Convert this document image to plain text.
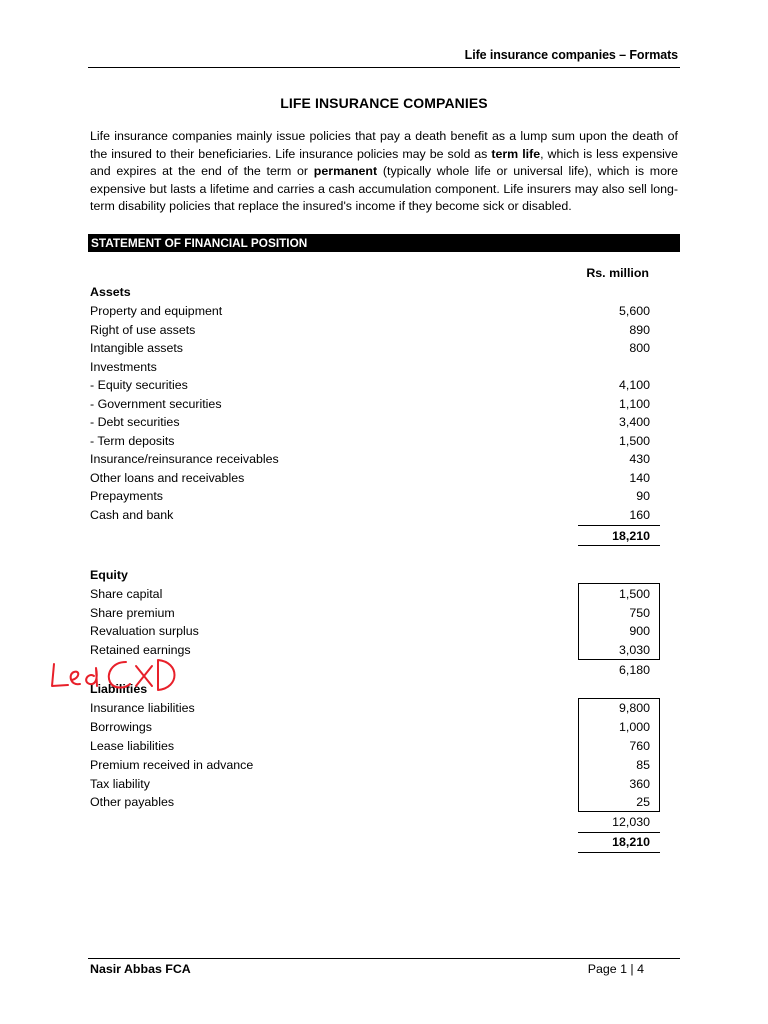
Life insurance companies – Formats
LIFE INSURANCE COMPANIES

Life insurance companies mainly issue policies that pay a death benefit as a lump sum upon the death of the insured to their beneficiaries. Life insurance policies may be sold as term life, which is less expensive and expires at the end of the term or permanent (typically whole life or universal life), which is more expensive but lasts a lifetime and carries a cash accumulation component. Life insurers may also sell long-term disability policies that replace the insured's income if they become sick or disabled.

STATEMENT OF FINANCIAL POSITION
Rs. million
Assets
Property and equipment	5,600
Right of use assets	890
Intangible assets	800
Investments
- Equity securities	4,100
- Government securities	1,100
- Debt securities	3,400
- Term deposits	1,500
Insurance/reinsurance receivables	430
Other loans and receivables	140
Prepayments	90
Cash and bank	160
18,210
Equity
Share capital	1,500
Share premium	750
Revaluation surplus	900
Retained earnings	3,030
6,180
Liabilities
Insurance liabilities	9,800
Borrowings	1,000
Lease liabilities	760
Premium received in advance	85
Tax liability	360
Other payables	25
12,030
18,210
Nasir Abbas FCA	Page 1 | 4
